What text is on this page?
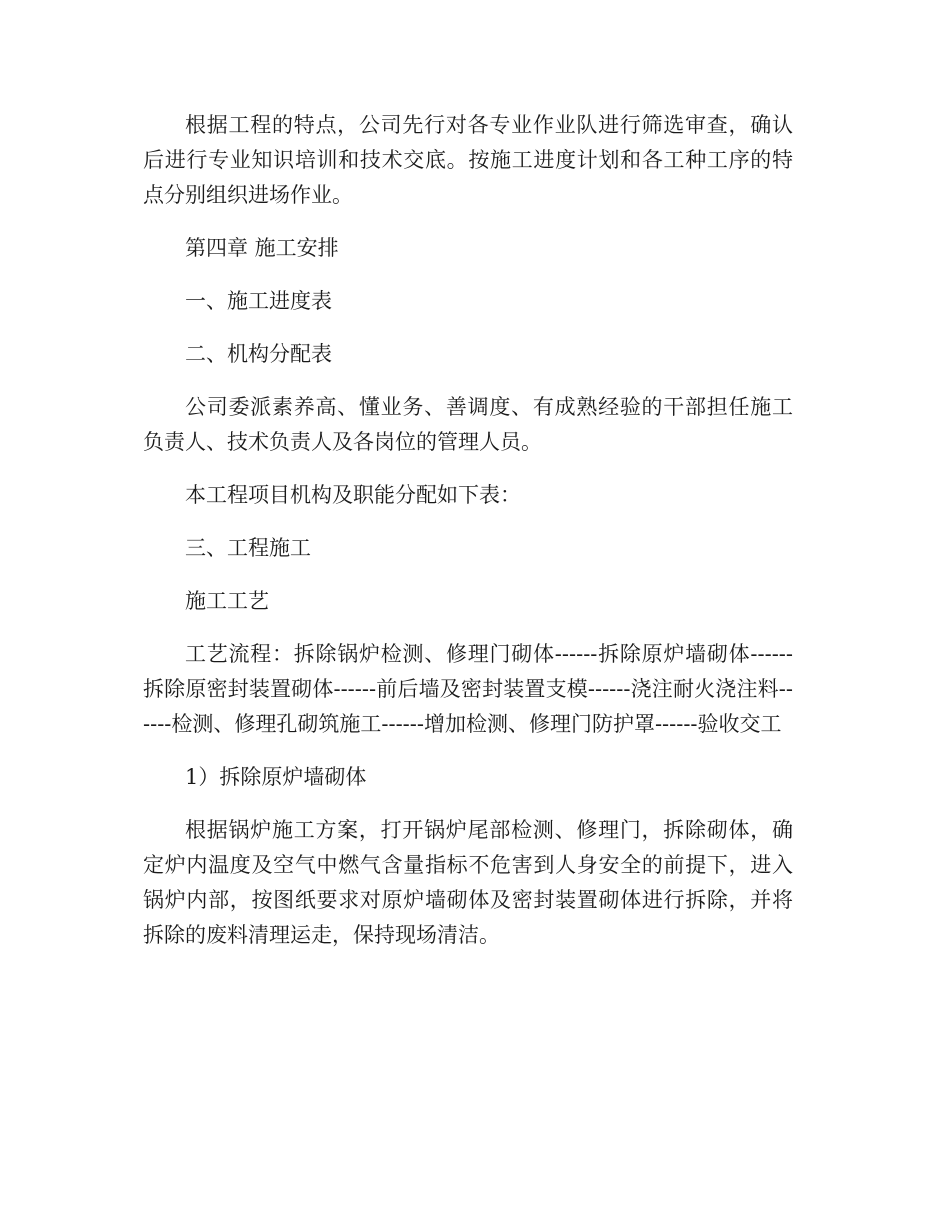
根据工程的特点，公司先行对各专业作业队进行筛选审查，确认后进行专业知识培训和技术交底。按施工进度计划和各工种工序的特点分别组织进场作业。

第四章 施工安排

一、施工进度表

二、机构分配表

公司委派素养高、懂业务、善调度、有成熟经验的干部担任施工负责人、技术负责人及各岗位的管理人员。

本工程项目机构及职能分配如下表：

三、工程施工

施工工艺

工艺流程：拆除锅炉检测、修理门砌体------拆除原炉墙砌体------拆除原密封装置砌体------前后墙及密封装置支模------浇注耐火浇注料------检测、修理孔砌筑施工------增加检测、修理门防护罩------验收交工

1）拆除原炉墙砌体

根据锅炉施工方案，打开锅炉尾部检测、修理门，拆除砌体，确定炉内温度及空气中燃气含量指标不危害到人身安全的前提下，进入锅炉内部，按图纸要求对原炉墙砌体及密封装置砌体进行拆除，并将拆除的废料清理运走，保持现场清洁。
